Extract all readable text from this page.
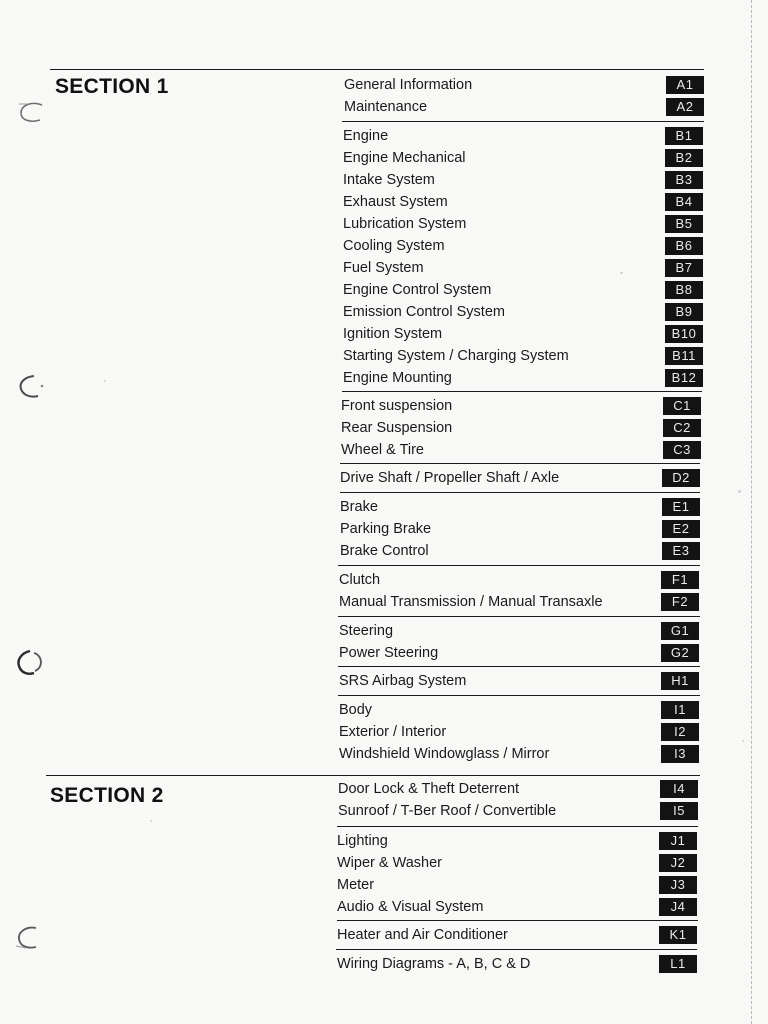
SECTION 1
SECTION 2
General Information	A1
Maintenance	A2
Engine	B1
Engine Mechanical	B2
Intake System	B3
Exhaust System	B4
Lubrication System	B5
Cooling System	B6
Fuel System	B7
Engine Control System	B8
Emission Control System	B9
Ignition System	B10
Starting System / Charging System	B11
Engine Mounting	B12
Front suspension	C1
Rear Suspension	C2
Wheel & Tire	C3
Drive Shaft / Propeller Shaft / Axle	D2
Brake	E1
Parking Brake	E2
Brake Control	E3
Clutch	F1
Manual Transmission / Manual Transaxle	F2
Steering	G1
Power Steering	G2
SRS Airbag System	H1
Body	I1
Exterior / Interior	I2
Windshield Windowglass / Mirror	I3
Door Lock & Theft Deterrent	I4
Sunroof / T-Ber Roof / Convertible	I5
Lighting	J1
Wiper & Washer	J2
Meter	J3
Audio & Visual System	J4
Heater and Air Conditioner	K1
Wiring Diagrams - A, B, C & D	L1
